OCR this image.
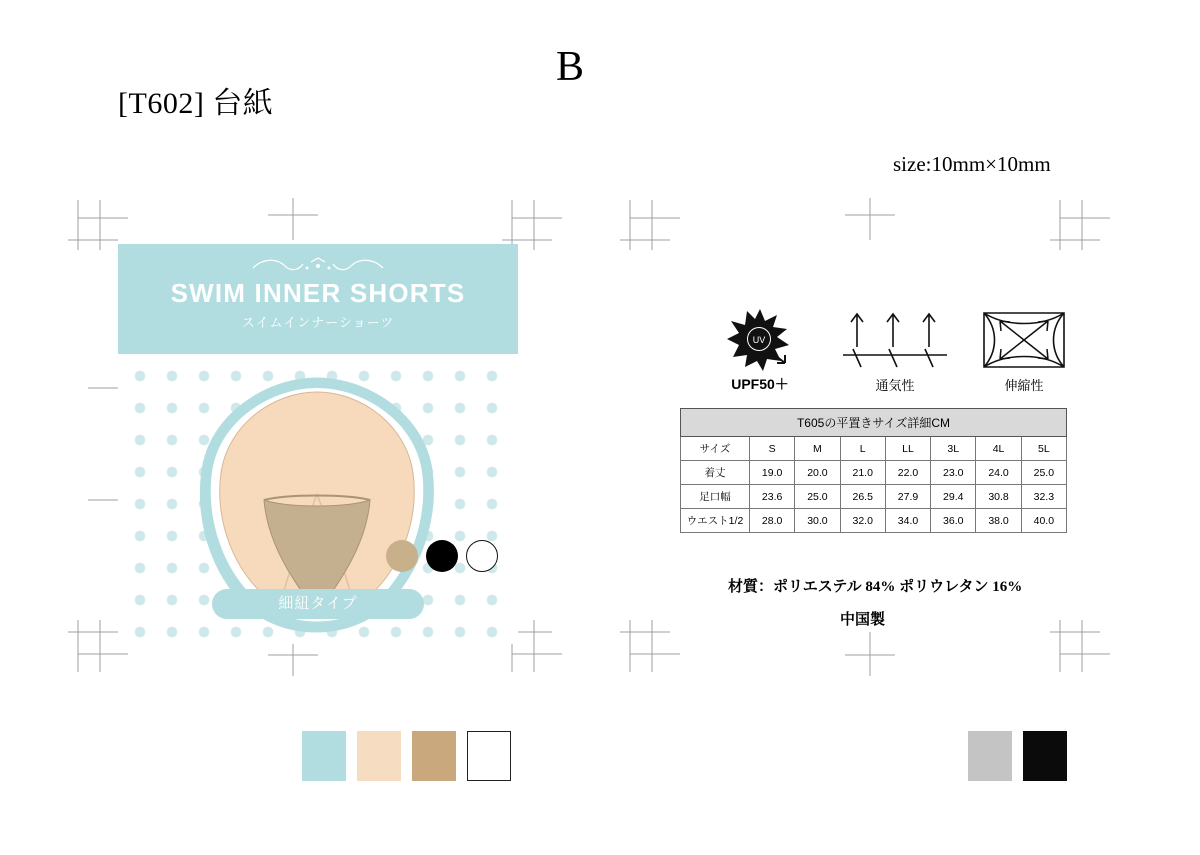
[T602] 台紙
B
size:10mm×10mm
SWIM INNER SHORTS
スイムインナーショーツ
細紐タイプ
UV
UPF50＋	通気性	伸縮性
T605の平置きサイズ詳細CM							
サイズ	S	M	L	LL	3L	4L	5L
着丈	19.0	20.0	21.0	22.0	23.0	24.0	25.0
足口幅	23.6	25.0	26.5	27.9	29.4	30.8	32.3
ウエスト1/2	28.0	30.0	32.0	34.0	36.0	38.0	40.0
材質：ポリエステル 84% ポリウレタン 16%
中国製
